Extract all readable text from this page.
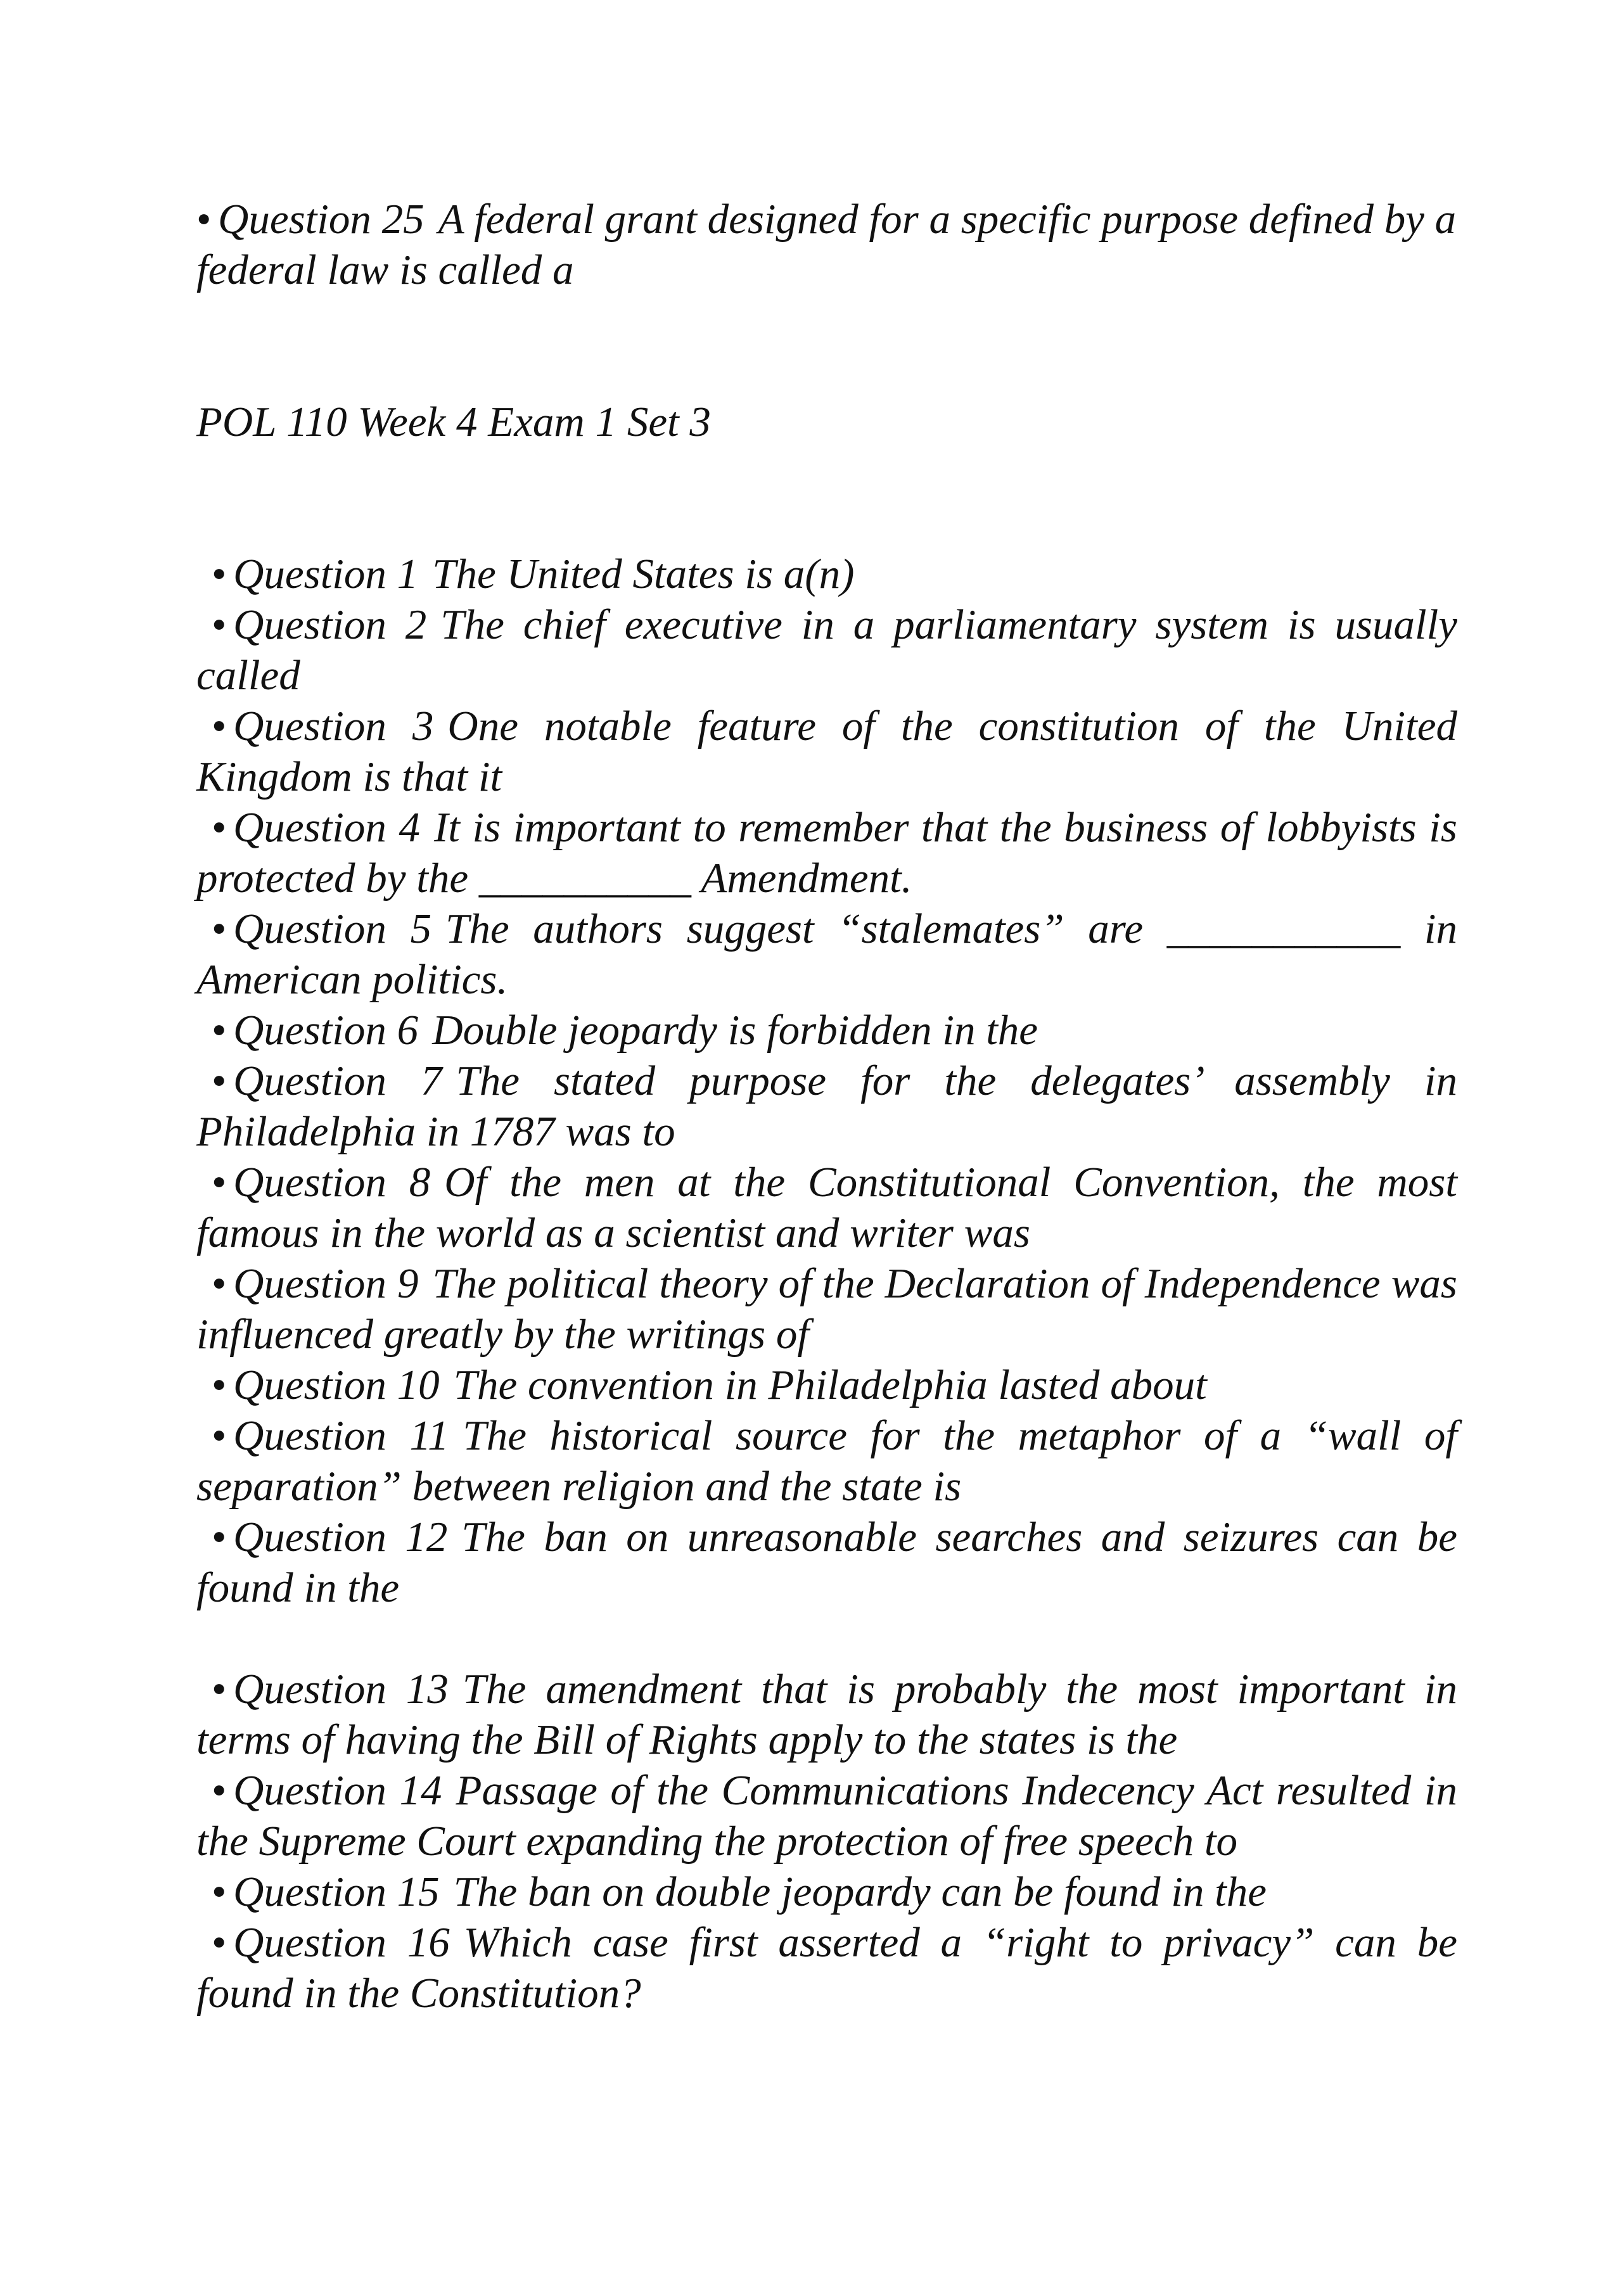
• Question 25 A federal grant designed for a specific purpose defined by a federal law is called a

POL 110 Week 4 Exam 1 Set 3

• Question 1 The United States is a(n)

• Question 2 The chief executive in a parliamentary system is usually called

• Question 3 One notable feature of the constitution of the United Kingdom is that it

• Question 4 It is important to remember that the business of lobbyists is protected by the __________ Amendment.

• Question 5 The authors suggest “stalemates” are ___________ in American politics.

• Question 6 Double jeopardy is forbidden in the

• Question 7 The stated purpose for the delegates’ assembly in Philadelphia in 1787 was to

• Question 8 Of the men at the Constitutional Convention, the most famous in the world as a scientist and writer was

• Question 9 The political theory of the Declaration of Independence was influenced greatly by the writings of

• Question 10 The convention in Philadelphia lasted about

• Question 11 The historical source for the metaphor of a “wall of separation” between religion and the state is

• Question 12 The ban on unreasonable searches and seizures can be found in the

• Question 13 The amendment that is probably the most important in terms of having the Bill of Rights apply to the states is the

• Question 14 Passage of the Communications Indecency Act resulted in the Supreme Court expanding the protection of free speech to

• Question 15 The ban on double jeopardy can be found in the

• Question 16 Which case first asserted a “right to privacy” can be found in the Constitution?
